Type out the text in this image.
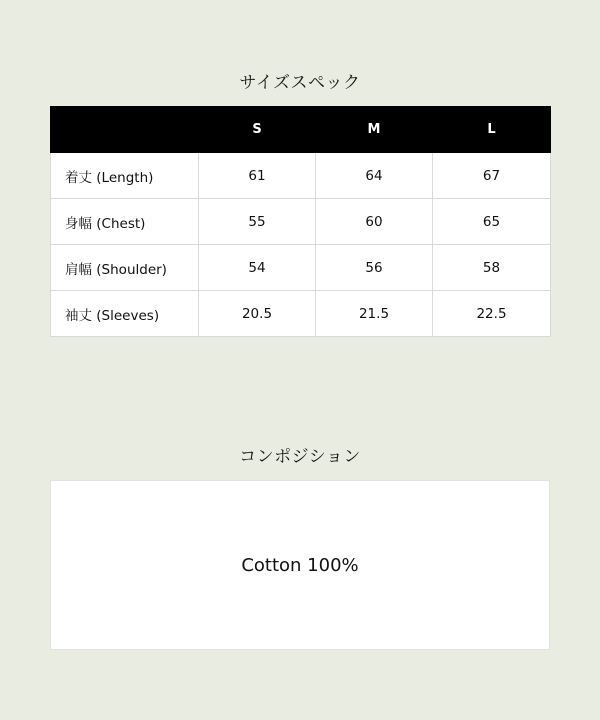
サイズスペック
	S	M	L
着丈 (Length)	61	64	67
身幅 (Chest)	55	60	65
肩幅 (Shoulder)	54	56	58
袖丈 (Sleeves)	20.5	21.5	22.5
コンポジション
Cotton 100%
